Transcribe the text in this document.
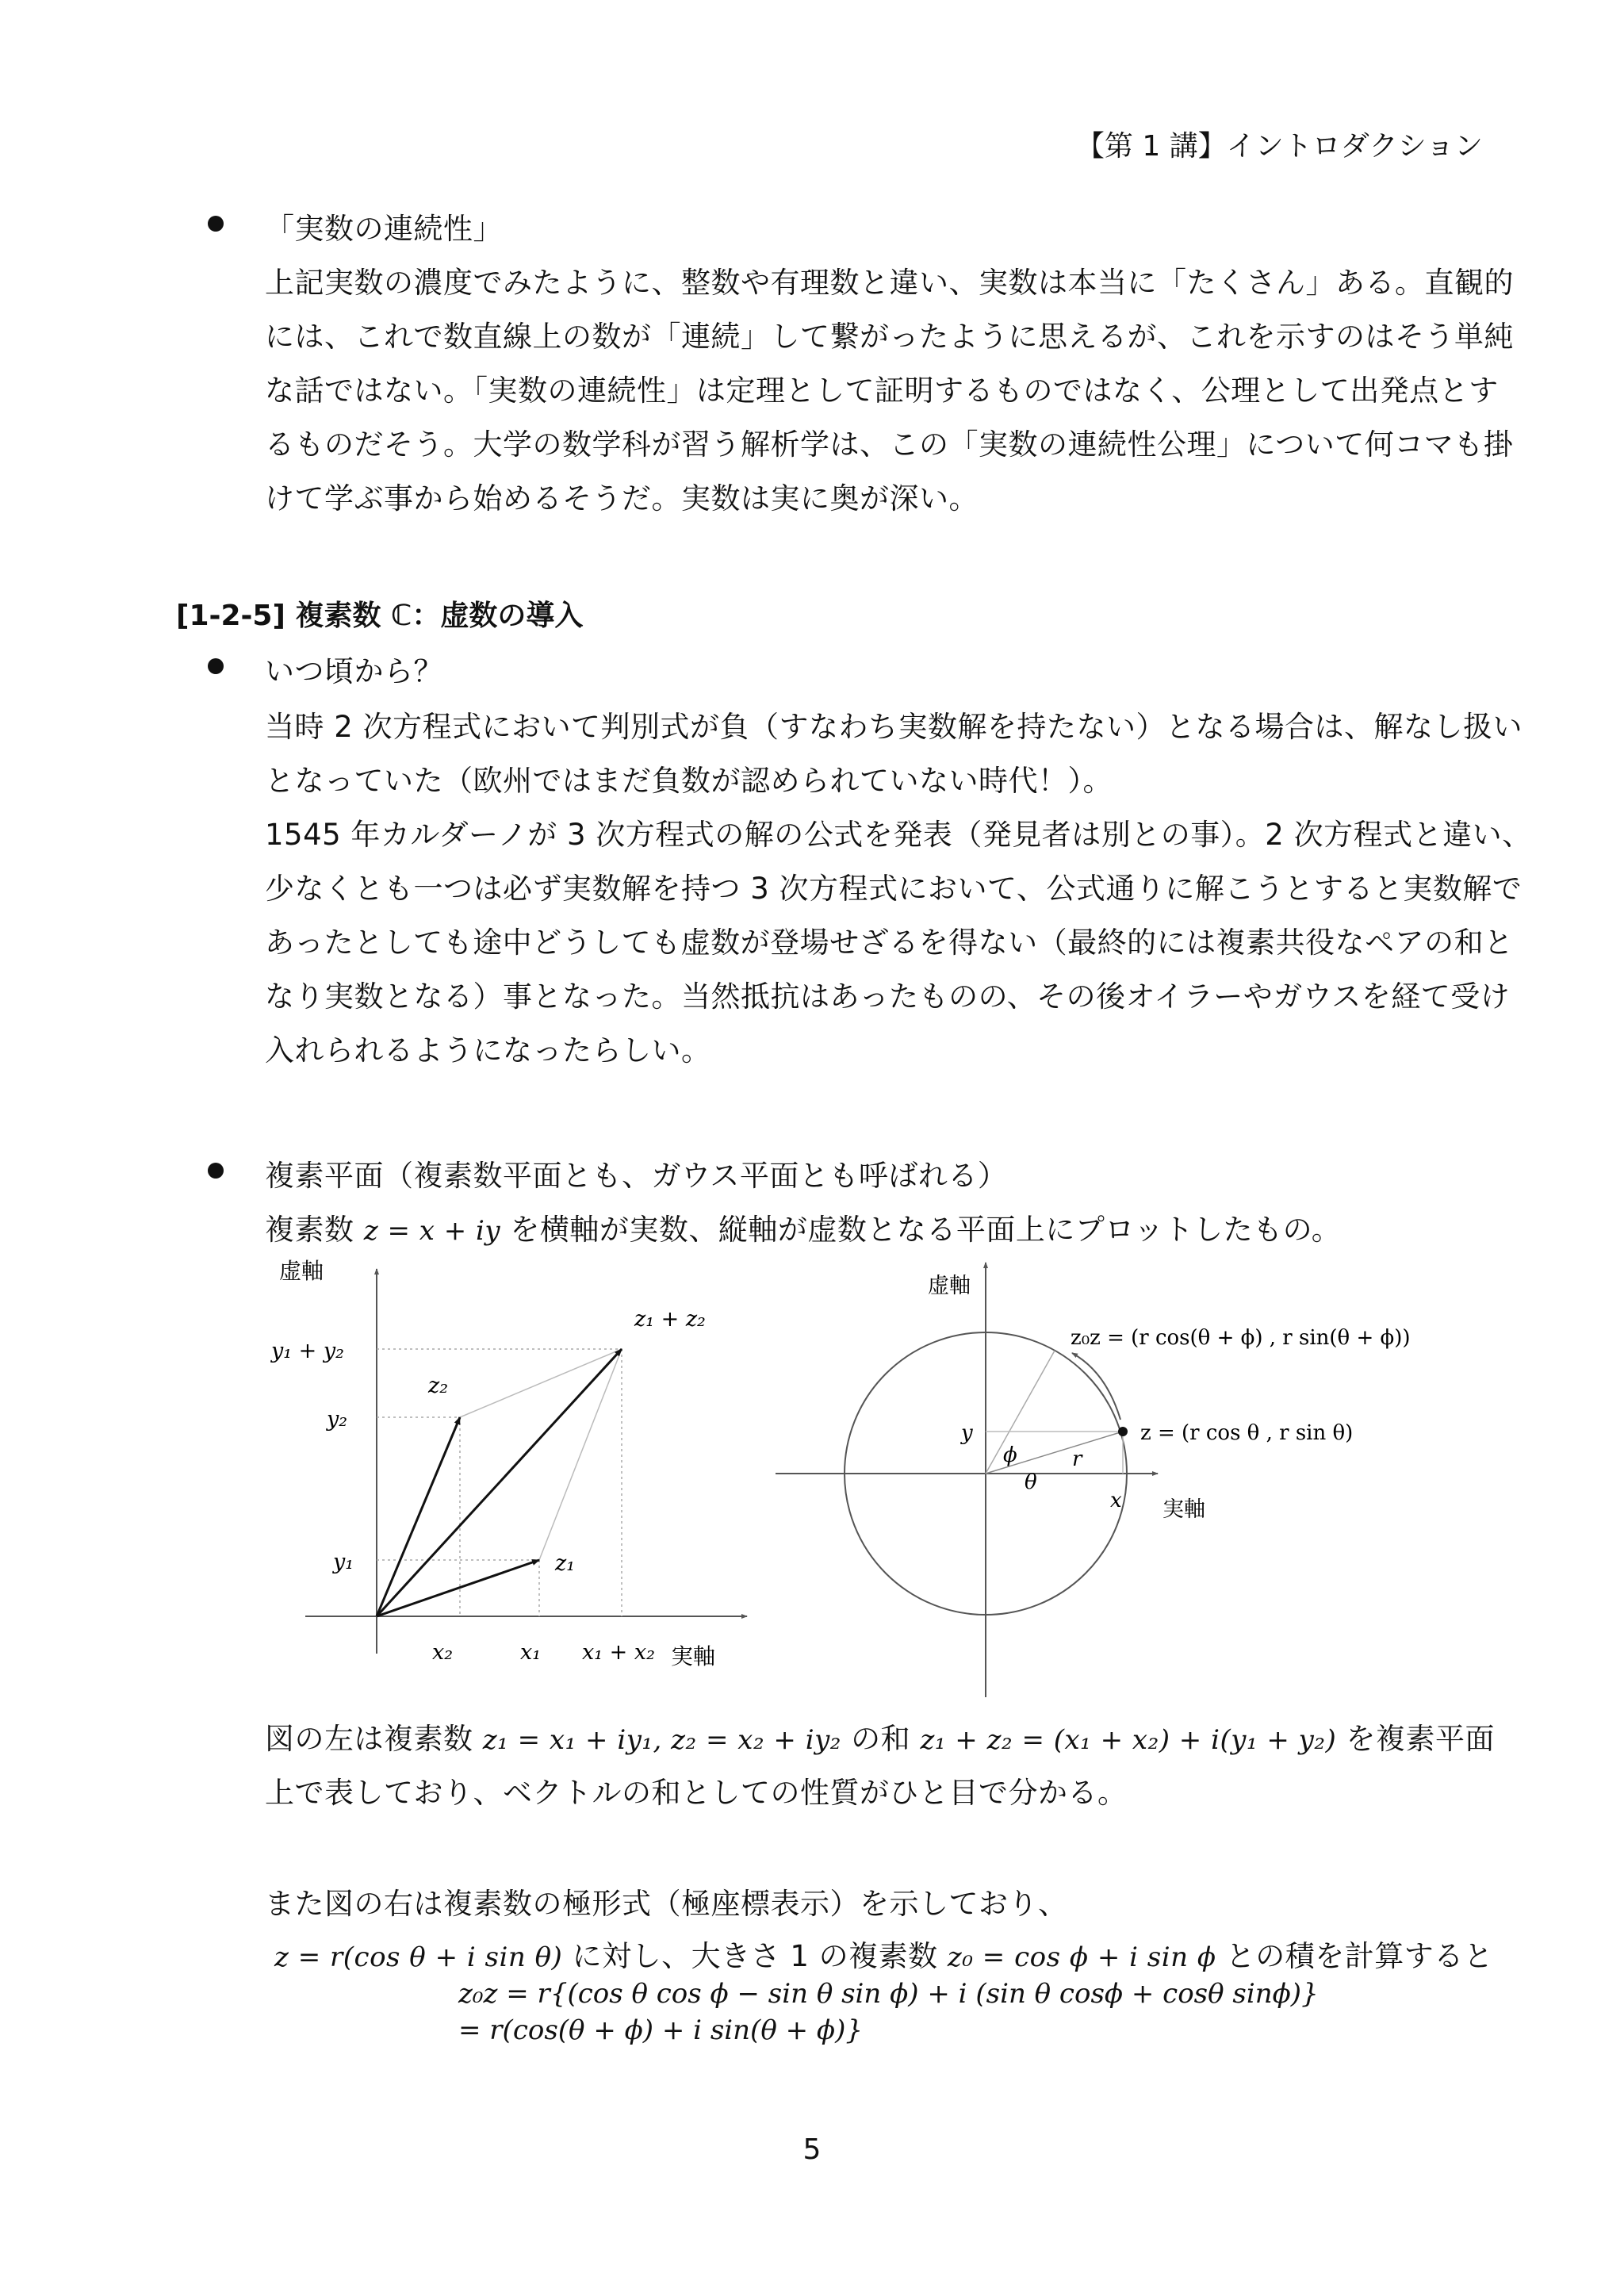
【第 1 講】イントロダクション
「実数の連続性」
上記実数の濃度でみたように、整数や有理数と違い、実数は本当に「たくさん」ある。直観的
には、これで数直線上の数が「連続」して繋がったように思えるが、これを示すのはそう単純
な話ではない。「実数の連続性」は定理として証明するものではなく、公理として出発点とす
るものだそう。大学の数学科が習う解析学は、この「実数の連続性公理」について何コマも掛
けて学ぶ事から始めるそうだ。実数は実に奥が深い。
[1-2-5] 複素数 ℂ：虚数の導入
いつ頃から？
当時 2 次方程式において判別式が負（すなわち実数解を持たない）となる場合は、解なし扱い
となっていた（欧州ではまだ負数が認められていない時代！）。
1545 年カルダーノが 3 次方程式の解の公式を発表（発見者は別との事）。2 次方程式と違い、
少なくとも一つは必ず実数解を持つ 3 次方程式において、公式通りに解こうとすると実数解で
あったとしても途中どうしても虚数が登場せざるを得ない（最終的には複素共役なペアの和と
なり実数となる）事となった。当然抵抗はあったものの、その後オイラーやガウスを経て受け
入れられるようになったらしい。
複素平面（複素数平面とも、ガウス平面とも呼ばれる）
複素数 z = x + iy を横軸が実数、縦軸が虚数となる平面上にプロットしたもの。
虚軸
実軸
y₁ + y₂
y₂
y₁
x₂	x₁ x₁ + x₂
z₁ + z₂
z₂
z₁
虚軸
実軸
z₀z = (r cos(θ + ϕ) , r sin(θ + ϕ))
z = (r cos θ , r sin θ)
y
x
r
ϕ
θ
図の左は複素数 z₁ = x₁ + iy₁, z₂ = x₂ + iy₂ の和 z₁ + z₂ = (x₁ + x₂) + i(y₁ + y₂) を複素平面
上で表しており、ベクトルの和としての性質がひと目で分かる。
また図の右は複素数の極形式（極座標表示）を示しており、
z = r(cos θ + i sin θ) に対し、大きさ 1 の複素数 z₀ = cos ϕ + i sin ϕ との積を計算すると
z₀z = r{(cos θ cos ϕ − sin θ sin ϕ) + i (sin θ cosϕ + cosθ sinϕ)}
= r(cos(θ + ϕ) + i sin(θ + ϕ)}
5
